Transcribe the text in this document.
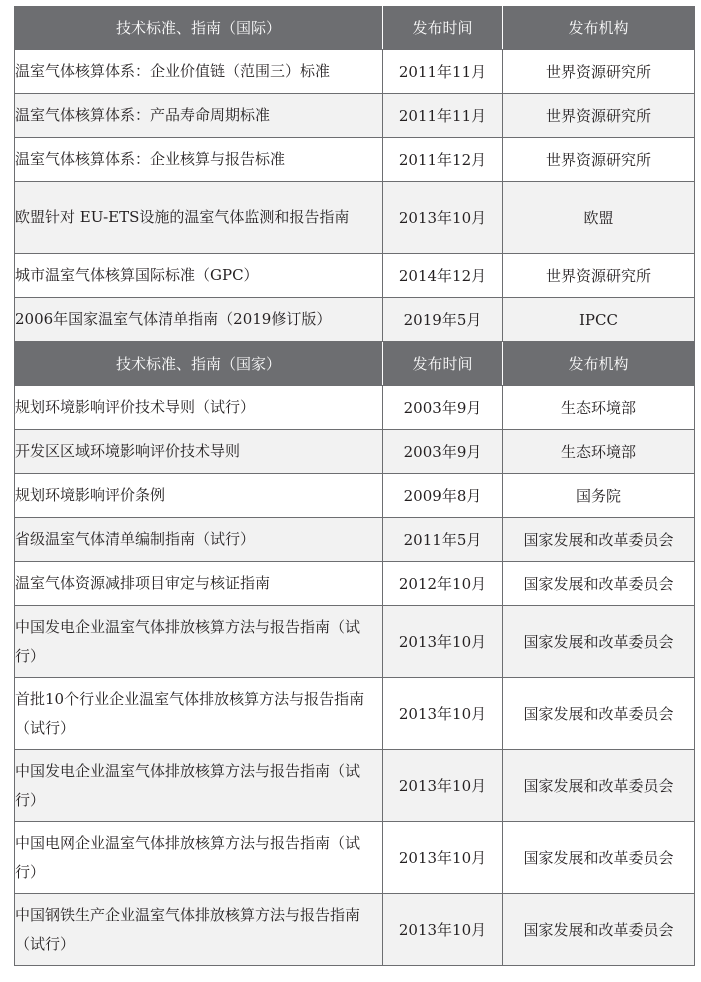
技术标准、指南（国际）	发布时间	发布机构
温室气体核算体系：企业价值链（范围三）标准	2011年11月	世界资源研究所
温室气体核算体系：产品寿命周期标准	2011年11月	世界资源研究所
温室气体核算体系：企业核算与报告标准	2011年12月	世界资源研究所
欧盟针对 EU-ETS设施的温室气体监测和报告指南	2013年10月	欧盟
城市温室气体核算国际标准（GPC）	2014年12月	世界资源研究所
2006年国家温室气体清单指南（2019修订版）	2019年5月	IPCC
技术标准、指南（国家）	发布时间	发布机构
规划环境影响评价技术导则（试行）	2003年9月	生态环境部
开发区区域环境影响评价技术导则	2003年9月	生态环境部
规划环境影响评价条例	2009年8月	国务院
省级温室气体清单编制指南（试行）	2011年5月	国家发展和改革委员会
温室气体资源减排项目审定与核证指南	2012年10月	国家发展和改革委员会
中国发电企业温室气体排放核算方法与报告指南（试行）	2013年10月	国家发展和改革委员会
首批10个行业企业温室气体排放核算方法与报告指南（试行）	2013年10月	国家发展和改革委员会
中国发电企业温室气体排放核算方法与报告指南（试行）	2013年10月	国家发展和改革委员会
中国电网企业温室气体排放核算方法与报告指南（试行）	2013年10月	国家发展和改革委员会
中国钢铁生产企业温室气体排放核算方法与报告指南（试行）	2013年10月	国家发展和改革委员会
